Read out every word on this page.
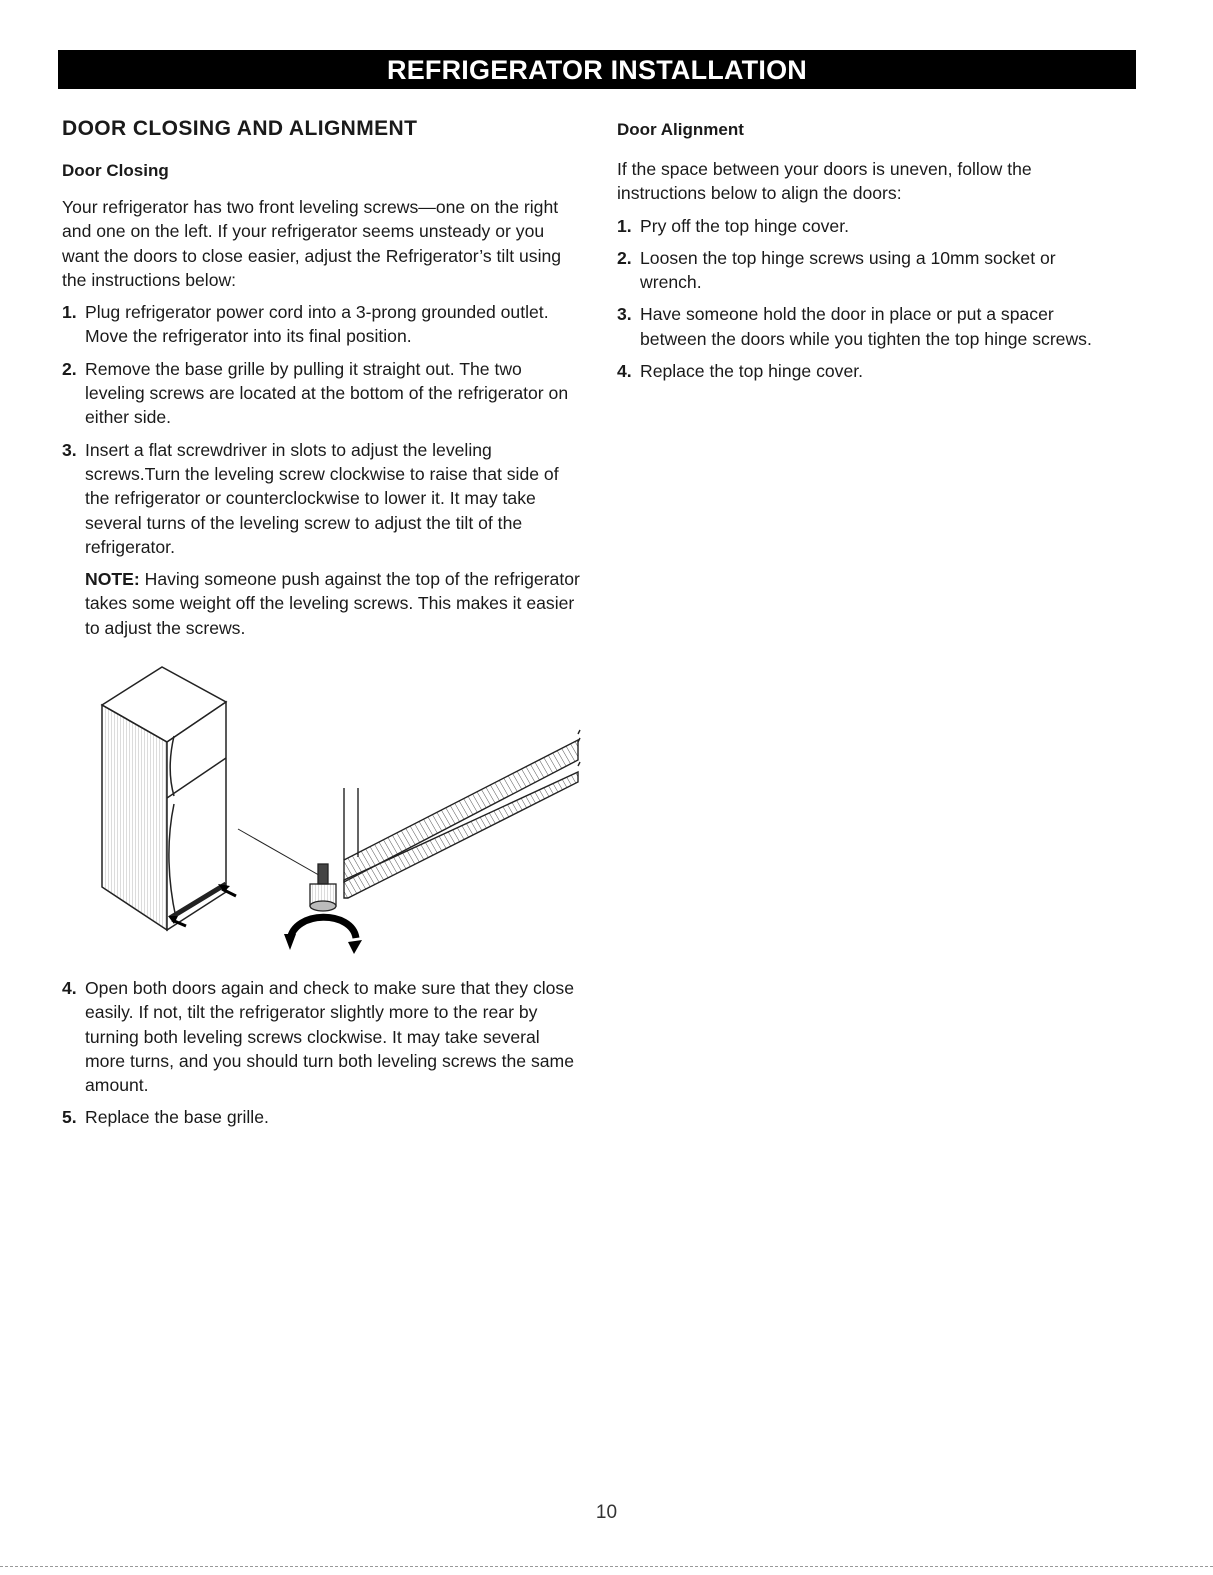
REFRIGERATOR INSTALLATION
DOOR CLOSING AND ALIGNMENT
Door Closing

Your refrigerator has two front leveling screws—one on the right and one on the left. If your refrigerator seems unsteady or you want the doors to close easier, adjust the Refrigerator’s tilt using the instructions below:

1. Plug refrigerator power cord into a 3-prong grounded outlet. Move the refrigerator into its final position.
2. Remove the base grille by pulling it straight out. The two leveling screws are located at the bottom of the refrigerator on either side.
3. Insert a flat screwdriver in slots to adjust the leveling screws.Turn the leveling screw clockwise to raise that side of the refrigerator or counterclockwise to lower it. It may take several turns of the leveling screw to adjust the tilt of the refrigerator.

NOTE: Having someone push against the top of the refrigerator takes some weight off the leveling screws. This makes it easier to adjust the screws.

4. Open both doors again and check to make sure that they close easily. If not, tilt the refrigerator slightly more to the rear by turning both leveling screws clockwise. It may take several more turns, and you should turn both leveling screws the same amount.
5. Replace the base grille.
Door Alignment

If the space between your doors is uneven, follow the instructions below to align the doors:

1. Pry off the top hinge cover.
2. Loosen the top hinge screws using a 10mm socket or wrench.
3. Have someone hold the door in place or put a spacer between the doors while you tighten the top hinge screws.
4. Replace the top hinge cover.
10
